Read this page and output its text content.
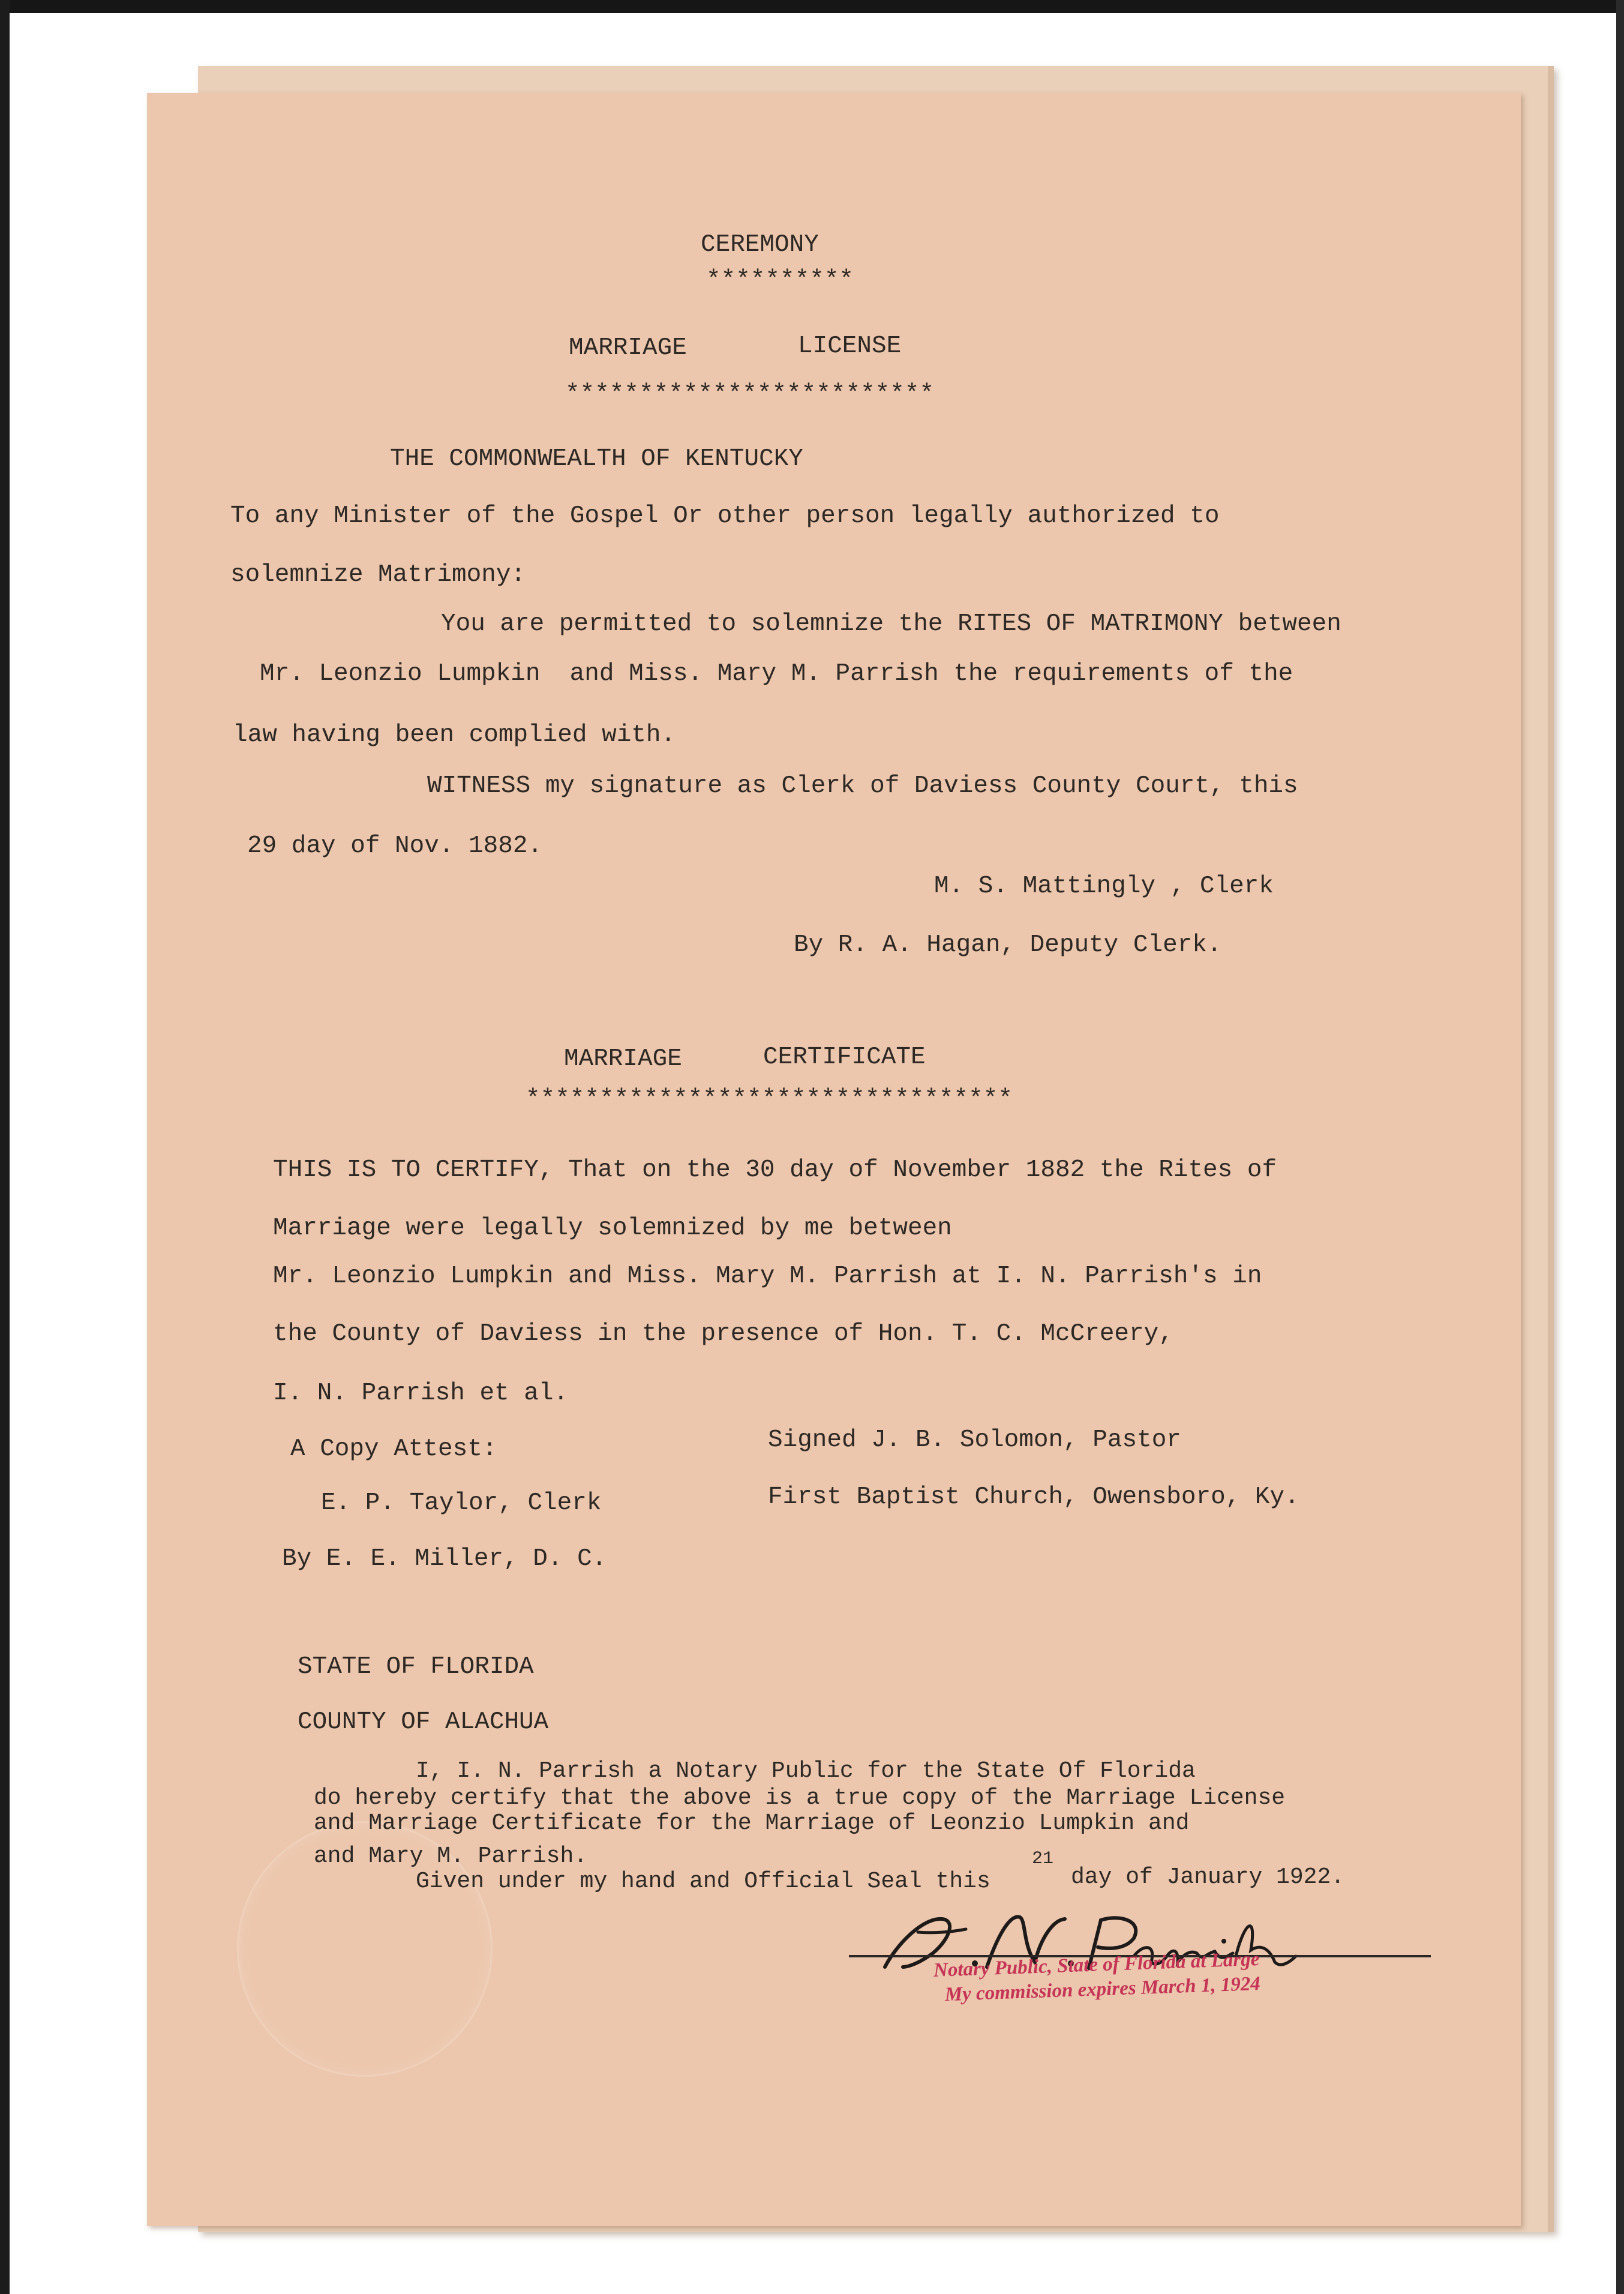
CEREMONY
**********
MARRIAGE	LICENSE
*************************
THE COMMONWEALTH OF KENTUCKY
To any Minister of the Gospel Or other person legally authorized to
solemnize Matrimony:
You are permitted to solemnize the RITES OF MATRIMONY between
Mr. Leonzio Lumpkin  and Miss. Mary M. Parrish the requirements of the
law having been complied with.
WITNESS my signature as Clerk of Daviess County Court, this
29 day of Nov. 1882.
M. S. Mattingly , Clerk
By R. A. Hagan, Deputy Clerk.
MARRIAGE	CERTIFICATE
*********************************
THIS IS TO CERTIFY, That on the 30 day of November 1882 the Rites of
Marriage were legally solemnized by me between
Mr. Leonzio Lumpkin and Miss. Mary M. Parrish at I. N. Parrish's in
the County of Daviess in the presence of Hon. T. C. McCreery,
I. N. Parrish et al.
A Copy Attest:	Signed J. B. Solomon, Pastor
E. P. Taylor, Clerk	First Baptist Church, Owensboro, Ky.
By E. E. Miller, D. C.
STATE OF FLORIDA
COUNTY OF ALACHUA
I, I. N. Parrish a Notary Public for the State Of Florida
do hereby certify that the above is a true copy of the Marriage License
and Marriage Certificate for the Marriage of Leonzio Lumpkin and
and Mary M. Parrish.
Given under my hand and Official Seal this
21
day of January 1922.
Notary Public, State of Florida at Large
My commission expires March 1, 1924
